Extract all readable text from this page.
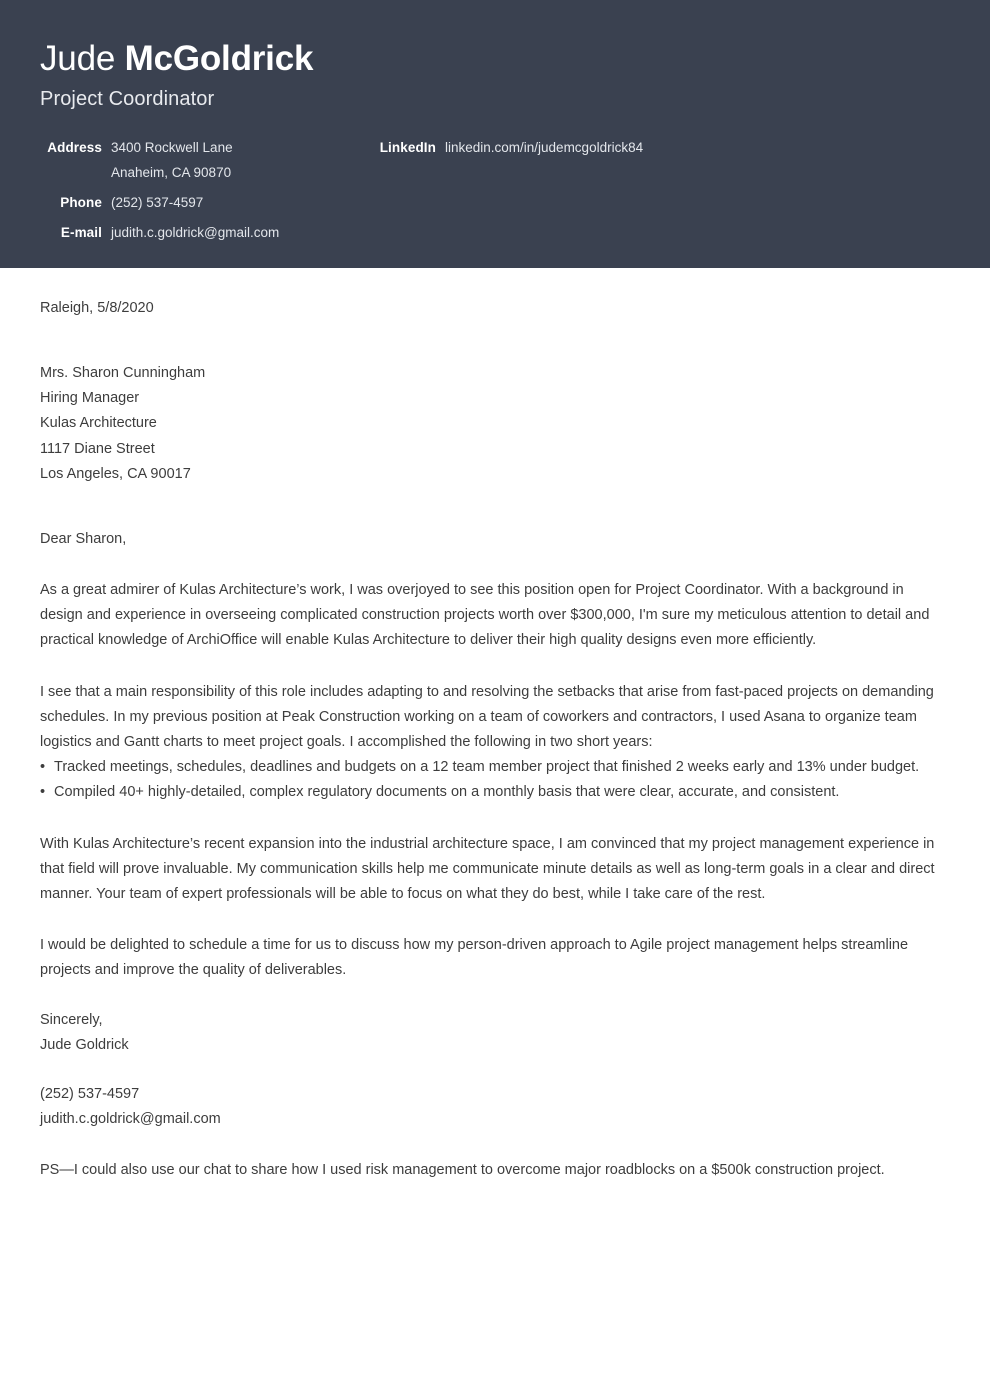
Jude McGoldrick
Project Coordinator
Address 3400 Rockwell Lane
Anaheim, CA 90870
Phone (252) 537-4597
E-mail judith.c.goldrick@gmail.com
LinkedIn linkedin.com/in/judemcgoldrick84
Raleigh, 5/8/2020
Mrs. Sharon Cunningham
Hiring Manager
Kulas Architecture
1117 Diane Street
Los Angeles, CA 90017
Dear Sharon,
As a great admirer of Kulas Architecture’s work, I was overjoyed to see this position open for Project Coordinator. With a background in design and experience in overseeing complicated construction projects worth over $300,000, I'm sure my meticulous attention to detail and practical knowledge of ArchiOffice will enable Kulas Architecture to deliver their high quality designs even more efficiently.
I see that a main responsibility of this role includes adapting to and resolving the setbacks that arise from fast-paced projects on demanding schedules. In my previous position at Peak Construction working on a team of coworkers and contractors, I used Asana to organize team logistics and Gantt charts to meet project goals. I accomplished the following in two short years:
• Tracked meetings, schedules, deadlines and budgets on a 12 team member project that finished 2 weeks early and 13% under budget.
• Compiled 40+ highly-detailed, complex regulatory documents on a monthly basis that were clear, accurate, and consistent.
With Kulas Architecture’s recent expansion into the industrial architecture space, I am convinced that my project management experience in that field will prove invaluable. My communication skills help me communicate minute details as well as long-term goals in a clear and direct manner. Your team of expert professionals will be able to focus on what they do best, while I take care of the rest.
I would be delighted to schedule a time for us to discuss how my person-driven approach to Agile project management helps streamline projects and improve the quality of deliverables.
Sincerely,
Jude Goldrick
(252) 537-4597
judith.c.goldrick@gmail.com
PS—I could also use our chat to share how I used risk management to overcome major roadblocks on a $500k construction project.
